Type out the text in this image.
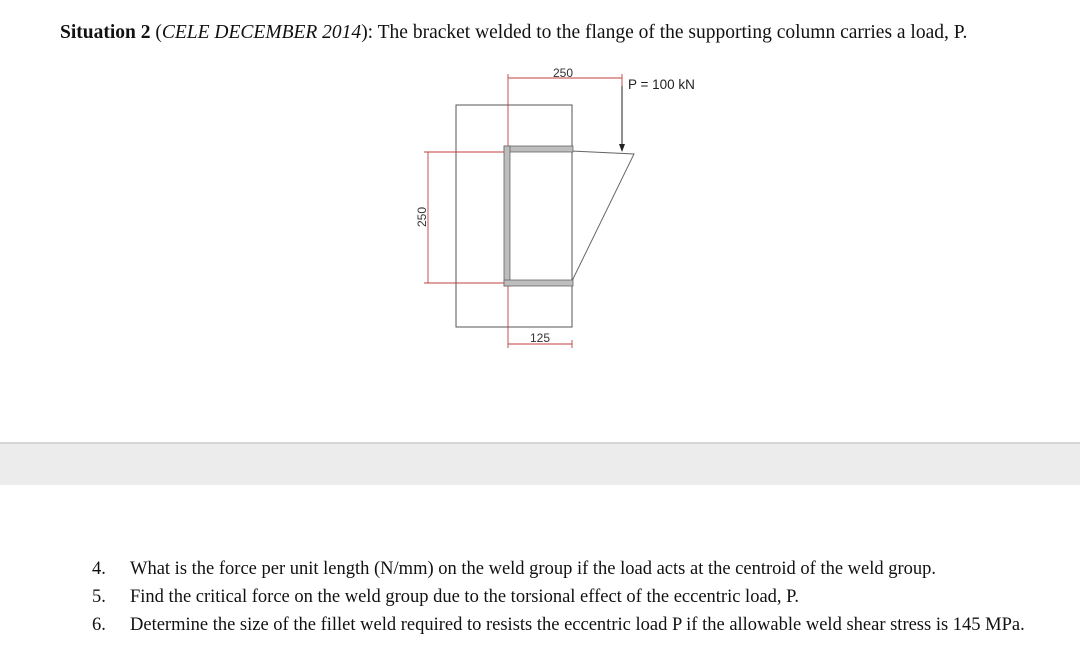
Situation 2 (CELE DECEMBER 2014): The bracket welded to the flange of the supporting column carries a load, P.
250
P = 100 kN
250
125
4.	What is the force per unit length (N/mm) on the weld group if the load acts at the centroid of the weld group.
5.	Find the critical force on the weld group due to the torsional effect of the eccentric load, P.
6.	Determine the size of the fillet weld required to resists the eccentric load P if the allowable weld shear stress is 145 MPa.
